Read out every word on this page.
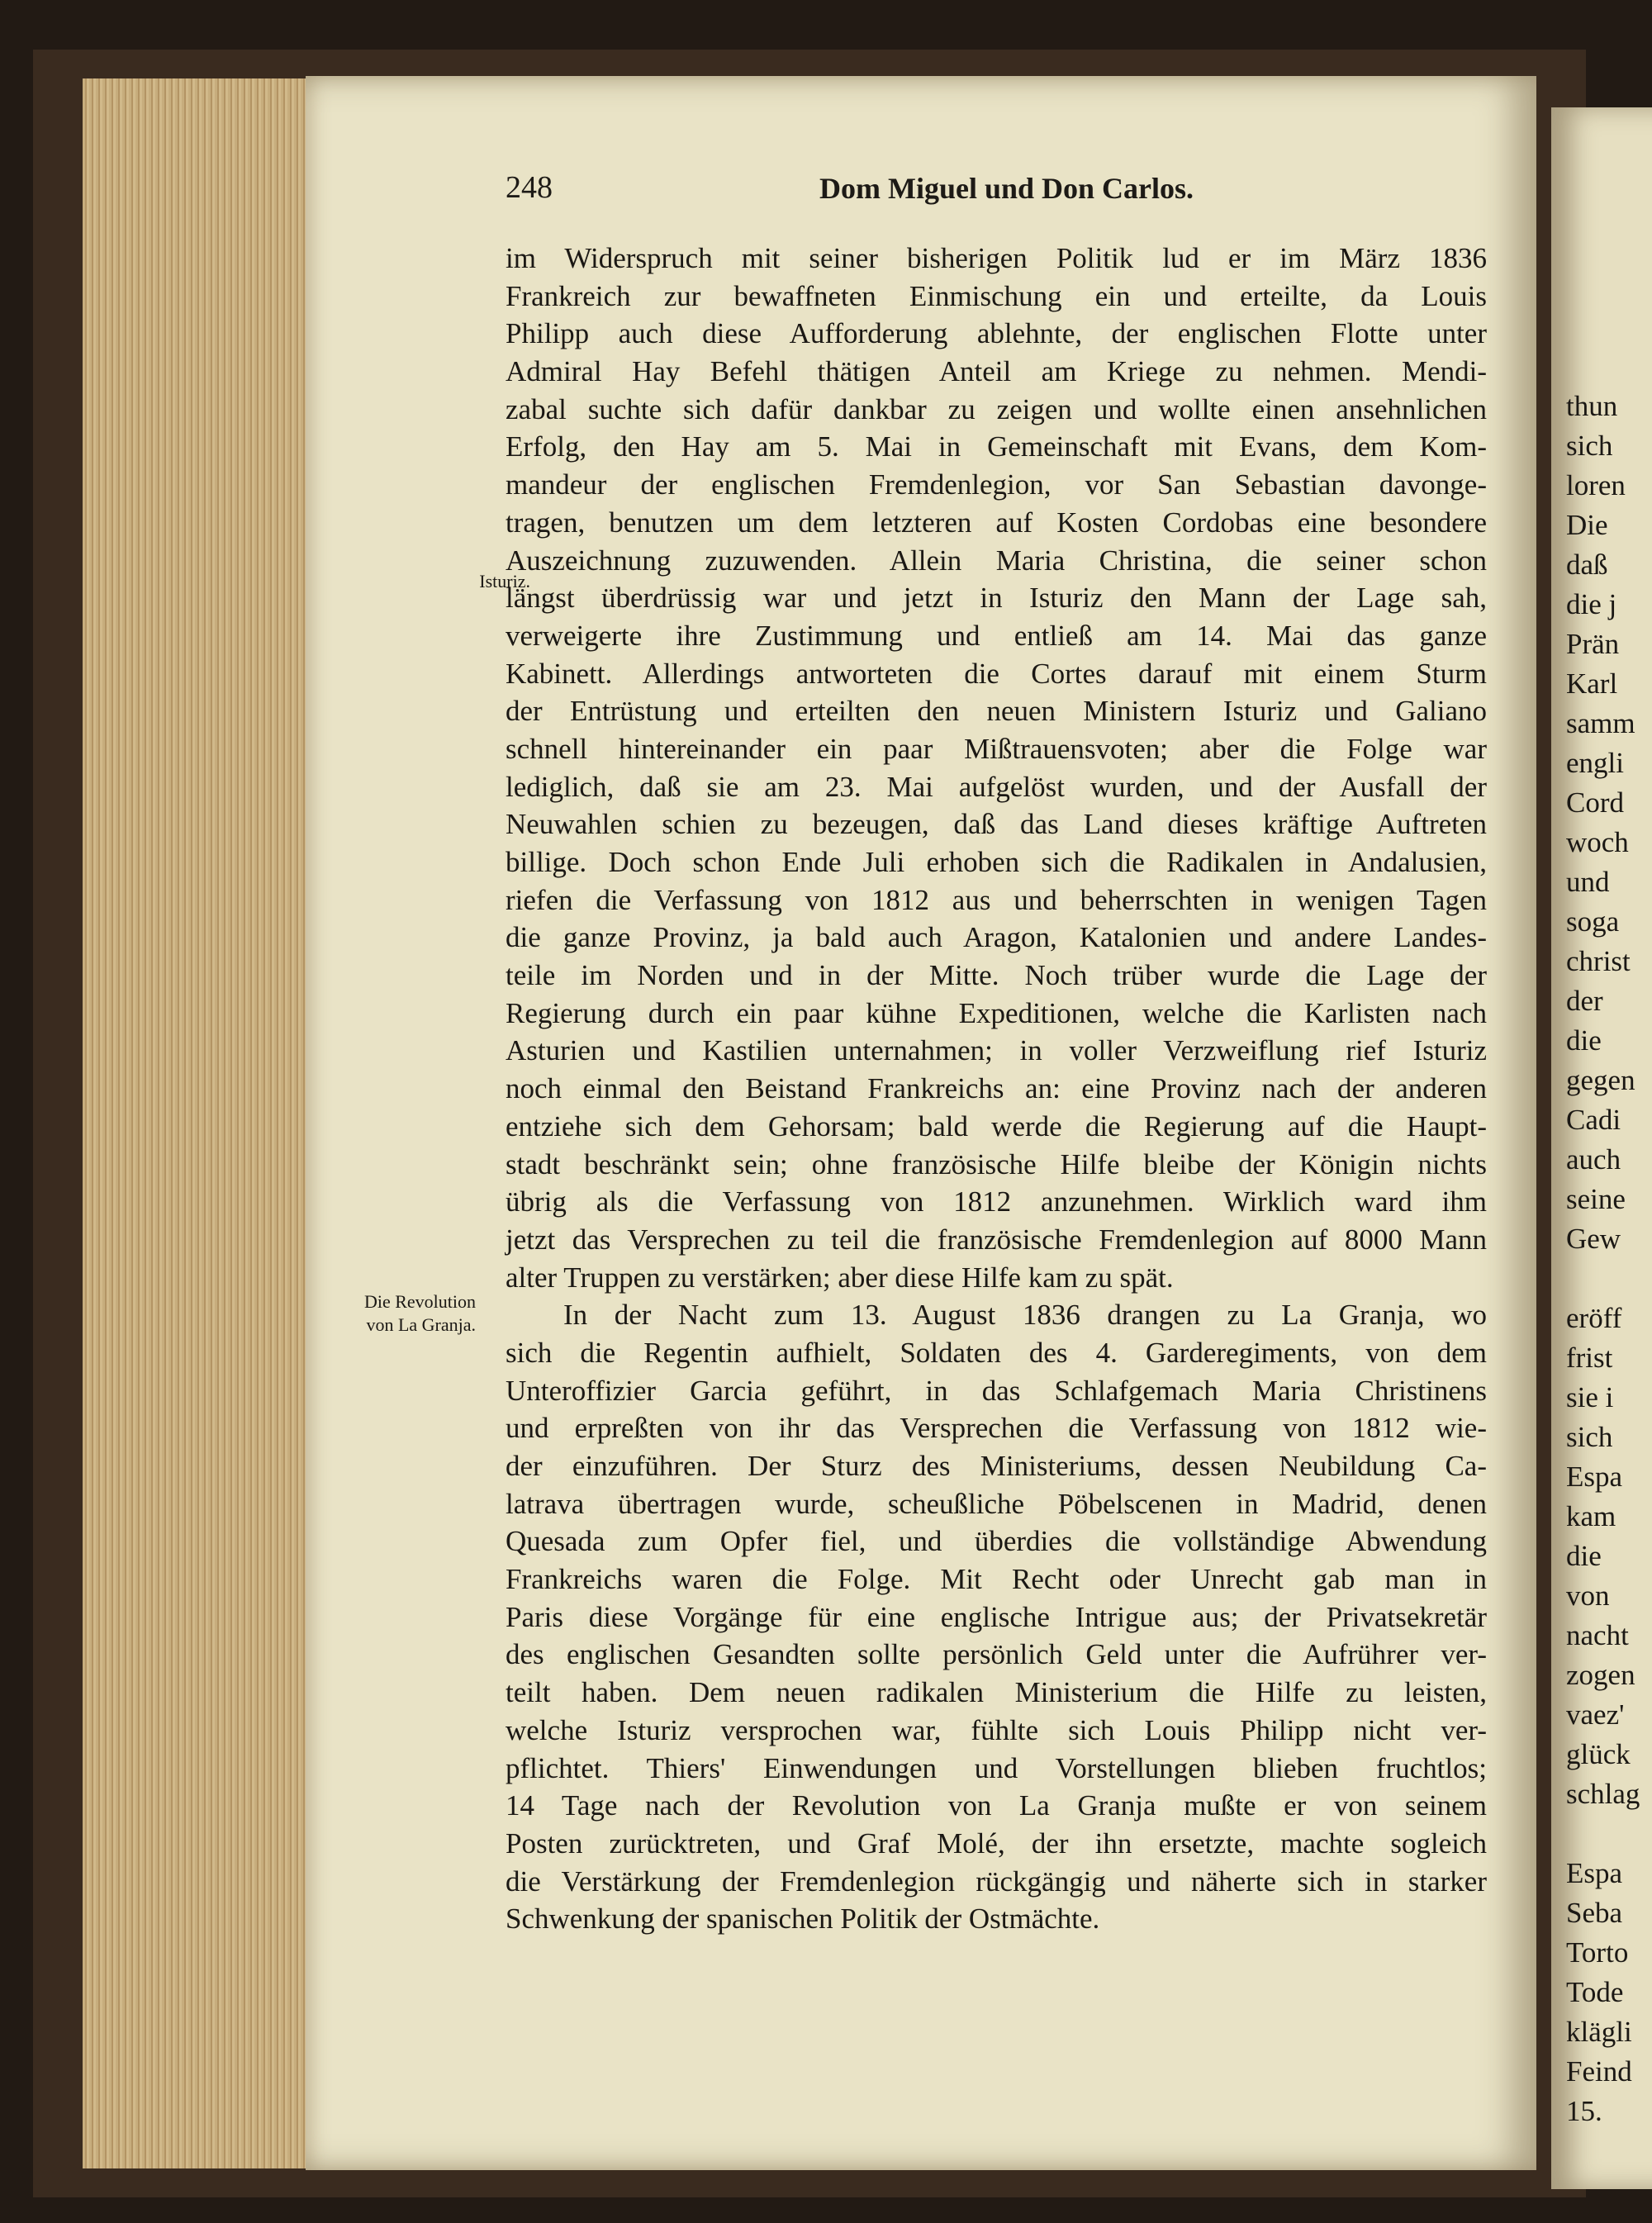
thun
sich
loren
Die
daß
die j
Prän
Karl
samm
engli
Cord
woch
und
soga
christ
der
die
gegen
Cadi
auch
seine
Gew
eröff
frist
sie i
sich
Espa
kam
die
von
nacht
zogen
vaez'
glück
schlag
Espa
Seba
Torto
Tode
klägli
Feind
15.
248	Dom Miguel und Don Carlos.
Isturiz.
Die Revolution
von La Granja.
im Widerspruch mit seiner bisherigen Politik lud er im März 1836
Frankreich zur bewaffneten Einmischung ein und erteilte, da Louis
Philipp auch diese Aufforderung ablehnte, der englischen Flotte unter
Admiral Hay Befehl thätigen Anteil am Kriege zu nehmen. Mendi-
zabal suchte sich dafür dankbar zu zeigen und wollte einen ansehnlichen
Erfolg, den Hay am 5. Mai in Gemeinschaft mit Evans, dem Kom-
mandeur der englischen Fremdenlegion, vor San Sebastian davonge-
tragen, benutzen um dem letzteren auf Kosten Cordobas eine besondere
Auszeichnung zuzuwenden. Allein Maria Christina, die seiner schon
längst überdrüssig war und jetzt in Isturiz den Mann der Lage sah,
verweigerte ihre Zustimmung und entließ am 14. Mai das ganze
Kabinett. Allerdings antworteten die Cortes darauf mit einem Sturm
der Entrüstung und erteilten den neuen Ministern Isturiz und Galiano
schnell hintereinander ein paar Mißtrauensvoten; aber die Folge war
lediglich, daß sie am 23. Mai aufgelöst wurden, und der Ausfall der
Neuwahlen schien zu bezeugen, daß das Land dieses kräftige Auftreten
billige. Doch schon Ende Juli erhoben sich die Radikalen in Andalusien,
riefen die Verfassung von 1812 aus und beherrschten in wenigen Tagen
die ganze Provinz, ja bald auch Aragon, Katalonien und andere Landes-
teile im Norden und in der Mitte. Noch trüber wurde die Lage der
Regierung durch ein paar kühne Expeditionen, welche die Karlisten nach
Asturien und Kastilien unternahmen; in voller Verzweiflung rief Isturiz
noch einmal den Beistand Frankreichs an: eine Provinz nach der anderen
entziehe sich dem Gehorsam; bald werde die Regierung auf die Haupt-
stadt beschränkt sein; ohne französische Hilfe bleibe der Königin nichts
übrig als die Verfassung von 1812 anzunehmen. Wirklich ward ihm
jetzt das Versprechen zu teil die französische Fremdenlegion auf 8000 Mann
alter Truppen zu verstärken; aber diese Hilfe kam zu spät.
In der Nacht zum 13. August 1836 drangen zu La Granja, wo
sich die Regentin aufhielt, Soldaten des 4. Garderegiments, von dem
Unteroffizier Garcia geführt, in das Schlafgemach Maria Christinens
und erpreßten von ihr das Versprechen die Verfassung von 1812 wie-
der einzuführen. Der Sturz des Ministeriums, dessen Neubildung Ca-
latrava übertragen wurde, scheußliche Pöbelscenen in Madrid, denen
Quesada zum Opfer fiel, und überdies die vollständige Abwendung
Frankreichs waren die Folge. Mit Recht oder Unrecht gab man in
Paris diese Vorgänge für eine englische Intrigue aus; der Privatsekretär
des englischen Gesandten sollte persönlich Geld unter die Aufrührer ver-
teilt haben. Dem neuen radikalen Ministerium die Hilfe zu leisten,
welche Isturiz versprochen war, fühlte sich Louis Philipp nicht ver-
pflichtet. Thiers' Einwendungen und Vorstellungen blieben fruchtlos;
14 Tage nach der Revolution von La Granja mußte er von seinem
Posten zurücktreten, und Graf Molé, der ihn ersetzte, machte sogleich
die Verstärkung der Fremdenlegion rückgängig und näherte sich in starker
Schwenkung der spanischen Politik der Ostmächte.
